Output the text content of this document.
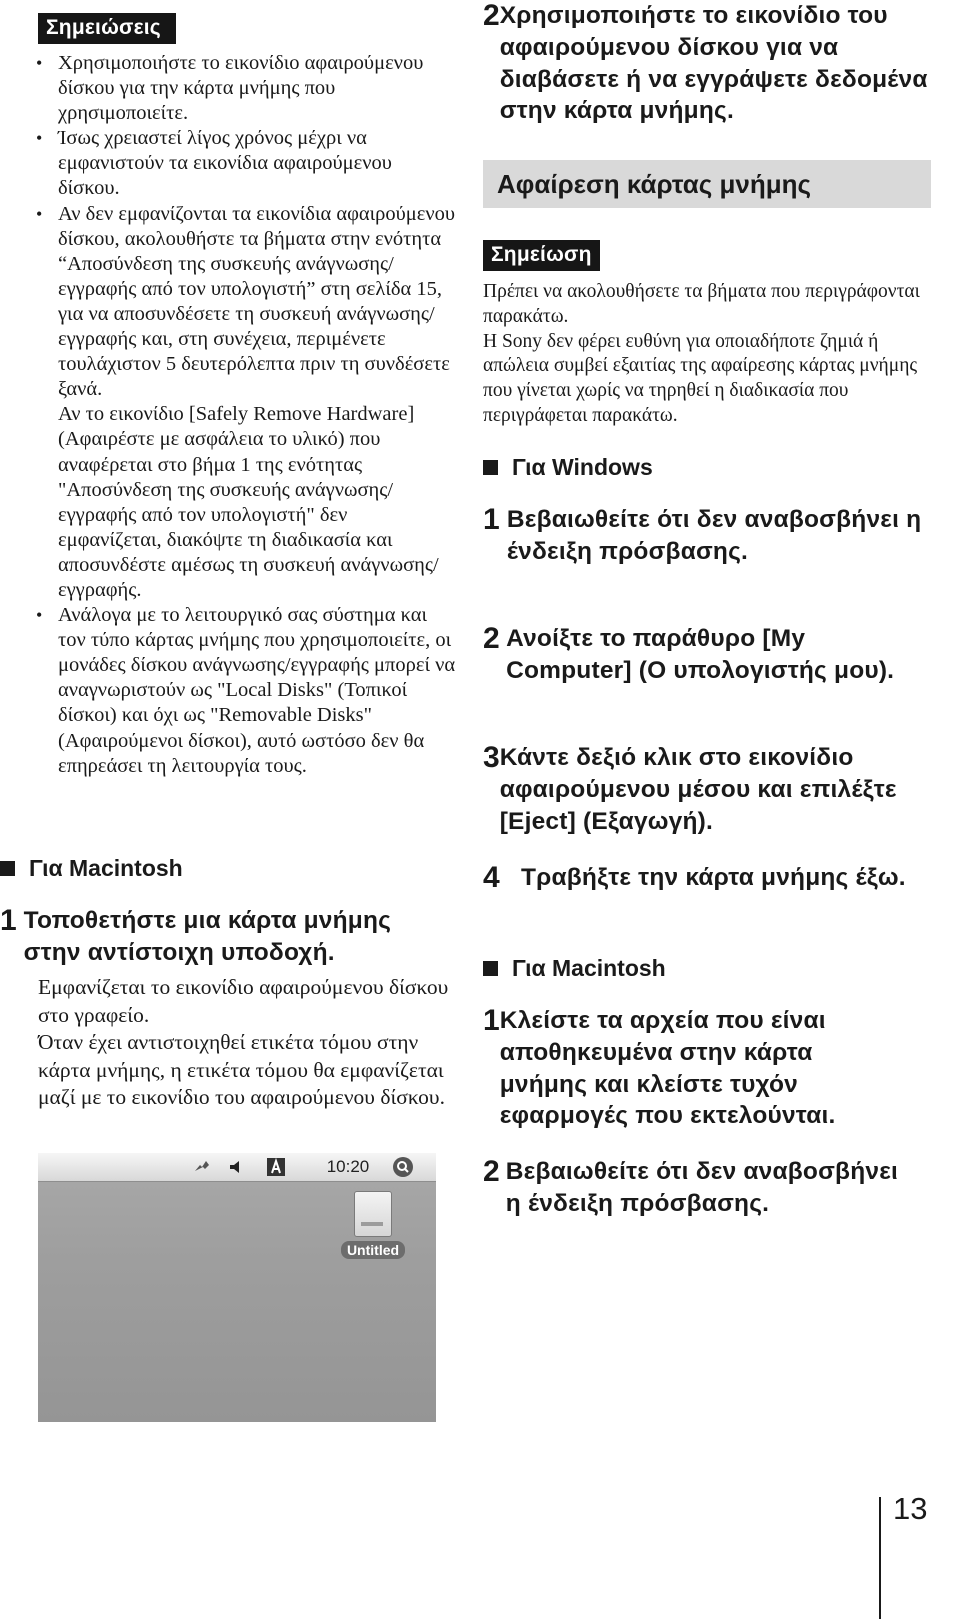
Σημειώσεις
• Χρησιμοποιήστε το εικονίδιο αφαιρούμενου δίσκου για την κάρτα μνήμης που χρησιμοποιείτε.

• Ίσως χρειαστεί λίγος χρόνος μέχρι να εμφανιστούν τα εικονίδια αφαιρούμενου δίσκου.

• Αν δεν εμφανίζονται τα εικονίδια αφαιρούμενου δίσκου, ακολουθήστε τα βήματα στην ενότητα “Αποσύνδεση της συσκευής ανάγνωσης/εγγραφής από τον υπολογιστή” στη σελίδα 15, για να αποσυνδέσετε τη συσκευή ανάγνωσης/ εγγραφής και, στη συνέχεια, περιμένετε τουλάχιστον 5 δευτερόλεπτα πριν τη συνδέσετε ξανά.

Αν το εικονίδιο [Safely Remove Hardware] (Αφαιρέστε με ασφάλεια το υλικό) που αναφέρεται στο βήμα 1 της ενότητας "Αποσύνδεση της συσκευής ανάγνωσης/ εγγραφής από τον υπολογιστή" δεν εμφανίζεται, διακόψτε τη διαδικασία και αποσυνδέστε αμέσως τη συσκευή ανάγνωσης/εγγραφής.

• Ανάλογα με το λειτουργικό σας σύστημα και τον τύπο κάρτας μνήμης που χρησιμοποιείτε, οι μονάδες δίσκου ανάγνωσης/εγγραφής μπορεί να αναγνωριστούν ως "Local Disks" (Τοπικοί δίσκοι) και όχι ως "Removable Disks" (Αφαιρούμενοι δίσκοι), αυτό ωστόσο δεν θα επηρεάσει τη λειτουργία τους.

Για Macintosh
1 Τοποθετήστε μια κάρτα μνήμης στην αντίστοιχη υποδοχή.

Εμφανίζεται το εικονίδιο αφαιρούμενου δίσκου στο γραφείο.

Όταν έχει αντιστοιχηθεί ετικέτα τόμου στην κάρτα μνήμης, η ετικέτα τόμου θα εμφανίζεται μαζί με το εικονίδιο του αφαιρούμενου δίσκου.

10:20
Untitled
2 Χρησιμοποιήστε το εικονίδιο του αφαιρούμενου δίσκου για να διαβάσετε ή να εγγράψετε δεδομένα στην κάρτα μνήμης.
Αφαίρεση κάρτας μνήμης
Σημείωση

Πρέπει να ακολουθήσετε τα βήματα που περιγράφονται παρακάτω.

Η Sony δεν φέρει ευθύνη για οποιαδήποτε ζημιά ή απώλεια συμβεί εξαιτίας της αφαίρεσης κάρτας μνήμης που γίνεται χωρίς να τηρηθεί η διαδικασία που περιγράφεται παρακάτω.

Για Windows
1 Βεβαιωθείτε ότι δεν αναβοσβήνει η ένδειξη πρόσβασης.
2 Ανοίξτε το παράθυρο [My Computer] (Ο υπολογιστής μου).
3 Κάντε δεξιό κλικ στο εικονίδιο αφαιρούμενου μέσου και επιλέξτε [Eject] (Εξαγωγή).
4 Τραβήξτε την κάρτα μνήμης έξω.
Για Macintosh
1 Κλείστε τα αρχεία που είναι αποθηκευμένα στην κάρτα μνήμης και κλείστε τυχόν εφαρμογές που εκτελούνται.
2 Βεβαιωθείτε ότι δεν αναβοσβήνει η ένδειξη πρόσβασης.
13
